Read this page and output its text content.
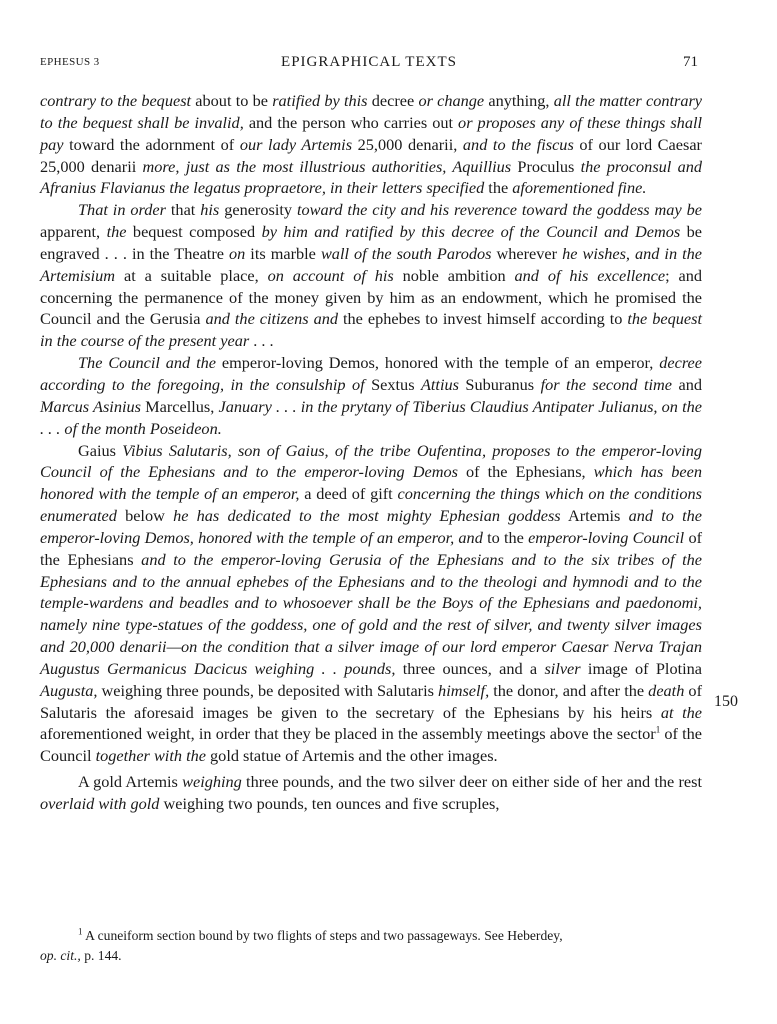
EPHESUS 3	EPIGRAPHICAL TEXTS	71

contrary to the bequest about to be ratified by this decree or change anything, all the matter contrary to the bequest shall be invalid, and the person who carries out or proposes any of these things shall pay toward the adornment of our lady Artemis 25,000 denarii, and to the fiscus of our lord Caesar 25,000 denarii more, just as the most illustrious authorities, Aquillius Proculus the proconsul and Afranius Flavianus the legatus propraetore, in their letters specified the aforementioned fine.

That in order that his generosity toward the city and his reverence toward the goddess may be apparent, the bequest composed by him and ratified by this decree of the Council and Demos be engraved . . . in the Theatre on its marble wall of the south Parodos wherever he wishes, and in the Artemisium at a suitable place, on account of his noble ambition and of his excellence; and concerning the permanence of the money given by him as an endowment, which he promised the Council and the Gerusia and the citizens and the ephebes to invest himself according to the bequest in the course of the present year . . .

The Council and the emperor-loving Demos, honored with the temple of an emperor, decree according to the foregoing, in the consulship of Sextus Attius Suburanus for the second time and Marcus Asinius Marcellus, January . . . in the prytany of Tiberius Claudius Antipater Julianus, on the . . . of the month Poseideon.

Gaius Vibius Salutaris, son of Gaius, of the tribe Oufentina, proposes to the emperor-loving Council of the Ephesians and to the emperor-loving Demos of the Ephesians, which has been honored with the temple of an emperor, a deed of gift concerning the things which on the conditions enumerated below he has dedicated to the most mighty Ephesian goddess Artemis and to the emperor-loving Demos, honored with the temple of an emperor, and to the emperor-loving Council of the Ephesians and to the emperor-loving Gerusia of the Ephesians and to the six tribes of the Ephesians and to the annual ephebes of the Ephesians and to the theologi and hymnodi and to the temple-wardens and beadles and to whosoever shall be the Boys of the Ephesians and paedonomi, namely nine type-statues of the goddess, one of gold and the rest of silver, and twenty silver images and 20,000 denarii—on the condition that a silver image of our lord emperor Caesar Nerva Trajan Augustus Germanicus Dacicus weighing . . pounds, three ounces, and a silver image of Plotina Augusta, weighing three pounds, be deposited with Salutaris himself, the donor, and after the death of Salutaris the aforesaid images be given to the secretary of the Ephesians by his heirs at the aforementioned weight, in order that they be placed in the assembly meetings above the sector$^1$ of the Council together with the gold statue of Artemis and the other images.

A gold Artemis weighing three pounds, and the two silver deer on either side of her and the rest overlaid with gold weighing two pounds, ten ounces and five scruples,

150
$^1$ A cuneiform section bound by two flights of steps and two passageways. See Heberdey,
op. cit., p. 144.
